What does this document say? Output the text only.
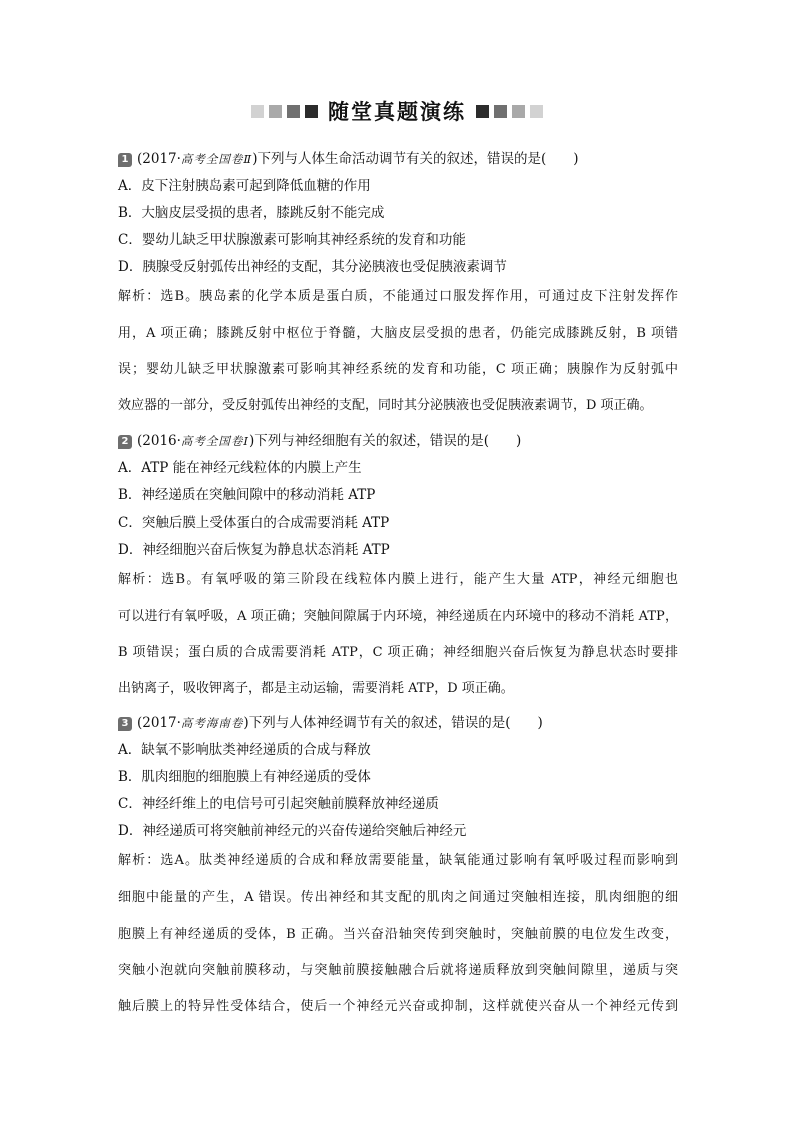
随堂真题演练
1 (2017·高考全国卷Ⅱ)下列与人体生命活动调节有关的叙述，错误的是(　　)
A．皮下注射胰岛素可起到降低血糖的作用
B．大脑皮层受损的患者，膝跳反射不能完成
C．婴幼儿缺乏甲状腺激素可影响其神经系统的发育和功能
D．胰腺受反射弧传出神经的支配，其分泌胰液也受促胰液素调节
解析：选B。胰岛素的化学本质是蛋白质，不能通过口服发挥作用，可通过皮下注射发挥作
用，A 项正确；膝跳反射中枢位于脊髓，大脑皮层受损的患者，仍能完成膝跳反射，B 项错
误；婴幼儿缺乏甲状腺激素可影响其神经系统的发育和功能，C 项正确；胰腺作为反射弧中
效应器的一部分，受反射弧传出神经的支配，同时其分泌胰液也受促胰液素调节，D 项正确。
2 (2016·高考全国卷Ⅰ)下列与神经细胞有关的叙述，错误的是(　　)
A．ATP 能在神经元线粒体的内膜上产生
B．神经递质在突触间隙中的移动消耗 ATP
C．突触后膜上受体蛋白的合成需要消耗 ATP
D．神经细胞兴奋后恢复为静息状态消耗 ATP
解析：选B。有氧呼吸的第三阶段在线粒体内膜上进行，能产生大量 ATP，神经元细胞也
可以进行有氧呼吸，A 项正确；突触间隙属于内环境，神经递质在内环境中的移动不消耗 ATP，
B 项错误；蛋白质的合成需要消耗 ATP，C 项正确；神经细胞兴奋后恢复为静息状态时要排
出钠离子，吸收钾离子，都是主动运输，需要消耗 ATP，D 项正确。
3 (2017·高考海南卷)下列与人体神经调节有关的叙述，错误的是(　　)
A．缺氧不影响肽类神经递质的合成与释放
B．肌肉细胞的细胞膜上有神经递质的受体
C．神经纤维上的电信号可引起突触前膜释放神经递质
D．神经递质可将突触前神经元的兴奋传递给突触后神经元
解析：选A。肽类神经递质的合成和释放需要能量，缺氧能通过影响有氧呼吸过程而影响到
细胞中能量的产生，A 错误。传出神经和其支配的肌肉之间通过突触相连接，肌肉细胞的细
胞膜上有神经递质的受体，B 正确。当兴奋沿轴突传到突触时，突触前膜的电位发生改变，
突触小泡就向突触前膜移动，与突触前膜接触融合后就将递质释放到突触间隙里，递质与突
触后膜上的特异性受体结合，使后一个神经元兴奋或抑制，这样就使兴奋从一个神经元传到
